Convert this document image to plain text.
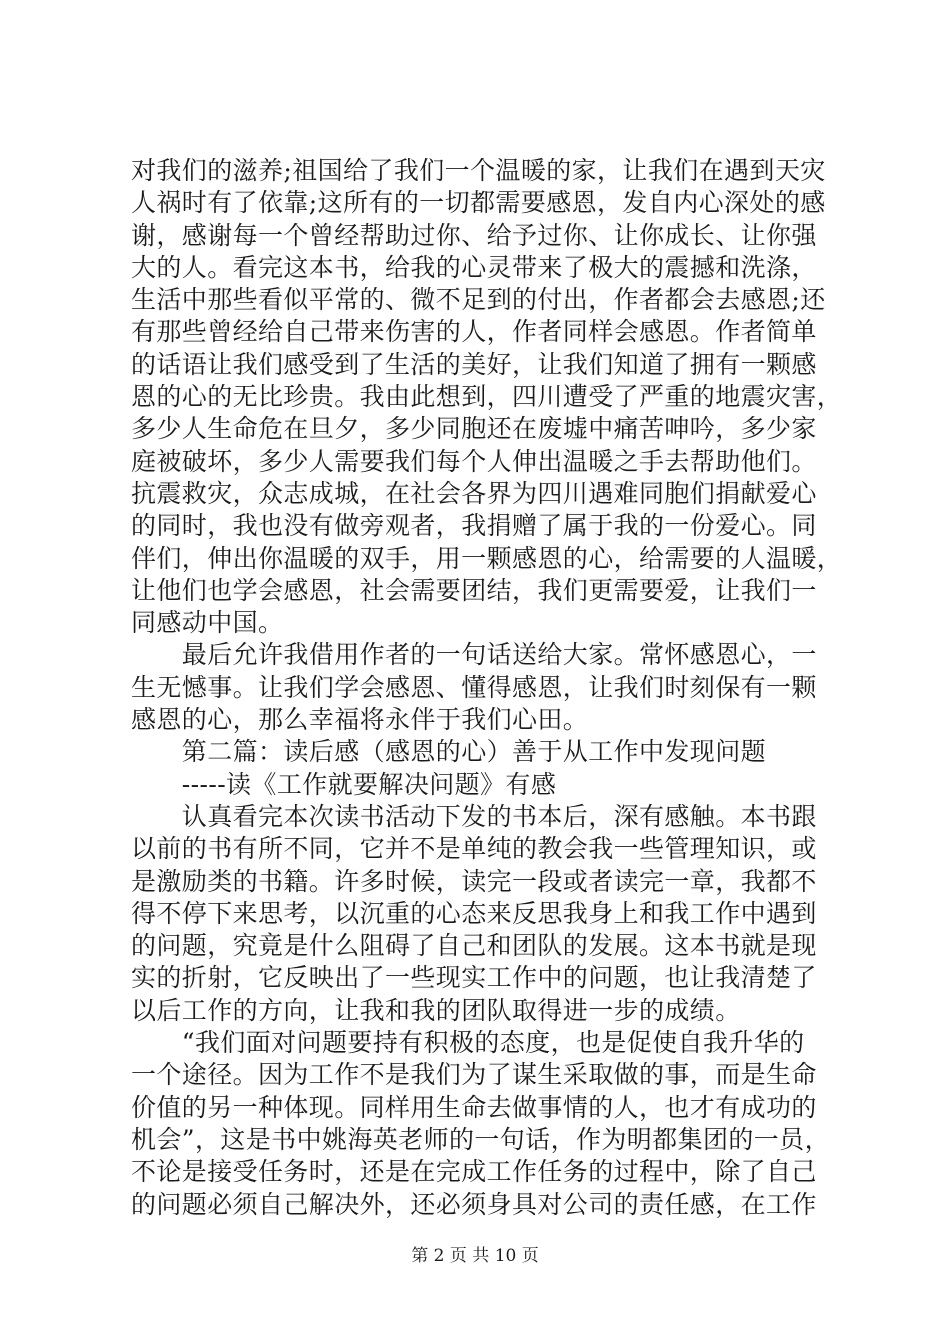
对我们的滋养;祖国给了我们一个温暖的家，让我们在遇到天灾
人祸时有了依靠;这所有的一切都需要感恩，发自内心深处的感
谢，感谢每一个曾经帮助过你、给予过你、让你成长、让你强
大的人。看完这本书，给我的心灵带来了极大的震撼和洗涤，
生活中那些看似平常的、微不足到的付出，作者都会去感恩;还
有那些曾经给自己带来伤害的人，作者同样会感恩。作者简单
的话语让我们感受到了生活的美好，让我们知道了拥有一颗感
恩的心的无比珍贵。我由此想到，四川遭受了严重的地震灾害，
多少人生命危在旦夕，多少同胞还在废墟中痛苦呻吟，多少家
庭被破坏，多少人需要我们每个人伸出温暖之手去帮助他们。
抗震救灾，众志成城，在社会各界为四川遇难同胞们捐献爱心
的同时，我也没有做旁观者，我捐赠了属于我的一份爱心。同
伴们，伸出你温暖的双手，用一颗感恩的心，给需要的人温暖，
让他们也学会感恩，社会需要团结，我们更需要爱，让我们一
同感动中国。
　　最后允许我借用作者的一句话送给大家。常怀感恩心，一
生无憾事。让我们学会感恩、懂得感恩，让我们时刻保有一颗
感恩的心，那么幸福将永伴于我们心田。
　　第二篇：读后感（感恩的心）善于从工作中发现问题
　　-----读《工作就要解决问题》有感
　　认真看完本次读书活动下发的书本后，深有感触。本书跟
以前的书有所不同，它并不是单纯的教会我一些管理知识，或
是激励类的书籍。许多时候，读完一段或者读完一章，我都不
得不停下来思考，以沉重的心态来反思我身上和我工作中遇到
的问题，究竟是什么阻碍了自己和团队的发展。这本书就是现
实的折射，它反映出了一些现实工作中的问题，也让我清楚了
以后工作的方向，让我和我的团队取得进一步的成绩。
　　“我们面对问题要持有积极的态度，也是促使自我升华的
一个途径。因为工作不是我们为了谋生采取做的事，而是生命
价值的另一种体现。同样用生命去做事情的人，也才有成功的
机会”，这是书中姚海英老师的一句话，作为明都集团的一员，
不论是接受任务时，还是在完成工作任务的过程中，除了自己
的问题必须自己解决外，还必须身具对公司的责任感，在工作
第 2 页 共 10 页
